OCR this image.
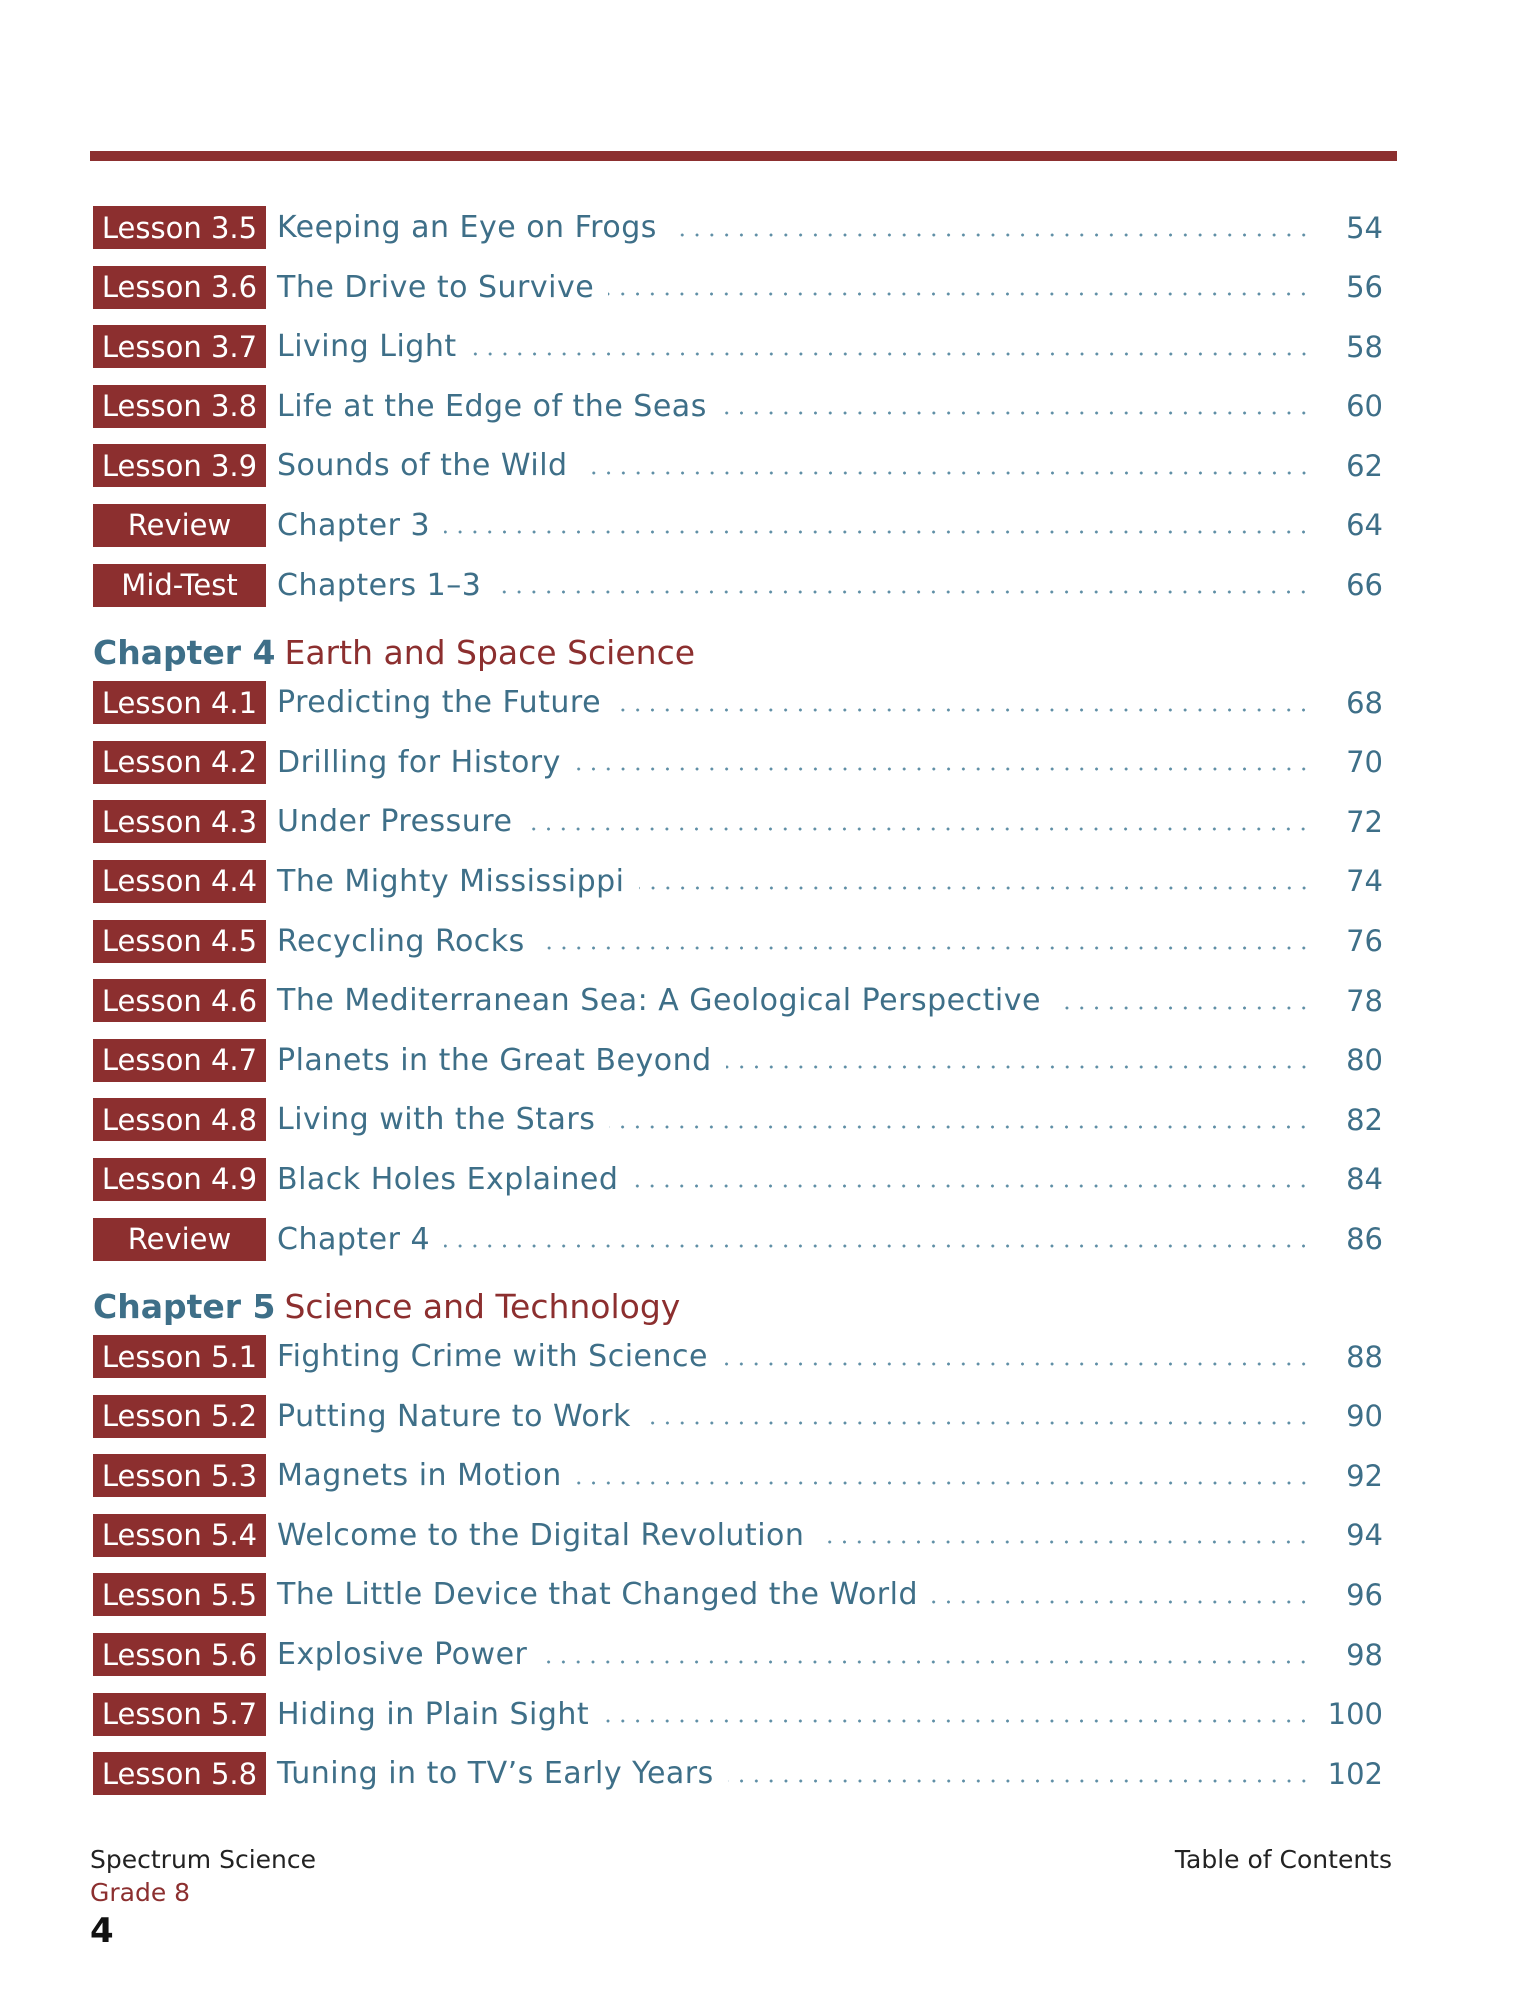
Lesson 3.5 Keeping an Eye on Frogs	54
Lesson 3.6 The Drive to Survive	56
Lesson 3.7 Living Light	58
Lesson 3.8 Life at the Edge of the Seas	60
Lesson 3.9 Sounds of the Wild	62
Review	Chapter 3	64
Mid-Test	Chapters 1–3	66
Chapter 4 Earth and Space Science
Lesson 4.1 Predicting the Future	68
Lesson 4.2 Drilling for History	70
Lesson 4.3 Under Pressure	72
Lesson 4.4 The Mighty Mississippi	74
Lesson 4.5 Recycling Rocks	76
Lesson 4.6 The Mediterranean Sea: A Geological Perspective	78
Lesson 4.7 Planets in the Great Beyond	80
Lesson 4.8 Living with the Stars	82
Lesson 4.9 Black Holes Explained	84
Review	Chapter 4	86
Chapter 5 Science and Technology
Lesson 5.1 Fighting Crime with Science	88
Lesson 5.2 Putting Nature to Work	90
Lesson 5.3 Magnets in Motion	92
Lesson 5.4 Welcome to the Digital Revolution	94
Lesson 5.5 The Little Device that Changed the World	96
Lesson 5.6 Explosive Power	98
Lesson 5.7 Hiding in Plain Sight	100
Lesson 5.8 Tuning in to TV’s Early Years	102
Spectrum Science
Grade 8
4
Table of Contents
